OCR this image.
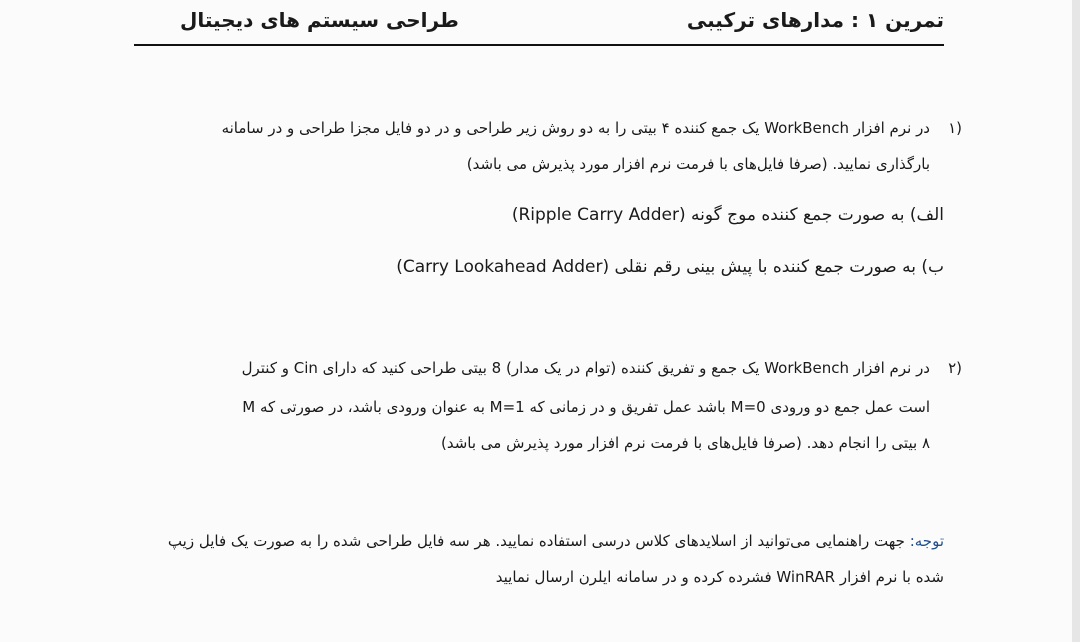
تمرین ۱ : مدارهای ترکیبی
طراحی سیستم های دیجیتال
۱)
در نرم افزار WorkBench یک جمع کننده ۴ بیتی را به دو روش زیر طراحی و در دو فایل مجزا طراحی و در سامانه
بارگذاری نمایید. (صرفا فایل‌های با فرمت نرم افزار مورد پذیرش می باشد)
الف) به صورت جمع کننده موج گونه (Ripple Carry Adder)
ب) به صورت جمع کننده با پیش بینی رقم نقلی (Carry Lookahead Adder)
۲)
در نرم افزار WorkBench یک جمع و تفریق کننده (توام در یک مدار) 8 بیتی طراحی کنید که دارای Cin و کنترل
M به عنوان ورودی باشد، در صورتی که M=1 باشد عمل تفریق و در زمانی که M=0 است عمل جمع دو ورودی
۸ بیتی را انجام دهد. (صرفا فایل‌های با فرمت نرم افزار مورد پذیرش می باشد)
توجه: جهت راهنمایی می‌توانید از اسلایدهای کلاس درسی استفاده نمایید. هر سه فایل طراحی شده را به صورت یک فایل زیپ
شده با نرم افزار WinRAR فشرده کرده و در سامانه ایلرن ارسال نمایید
